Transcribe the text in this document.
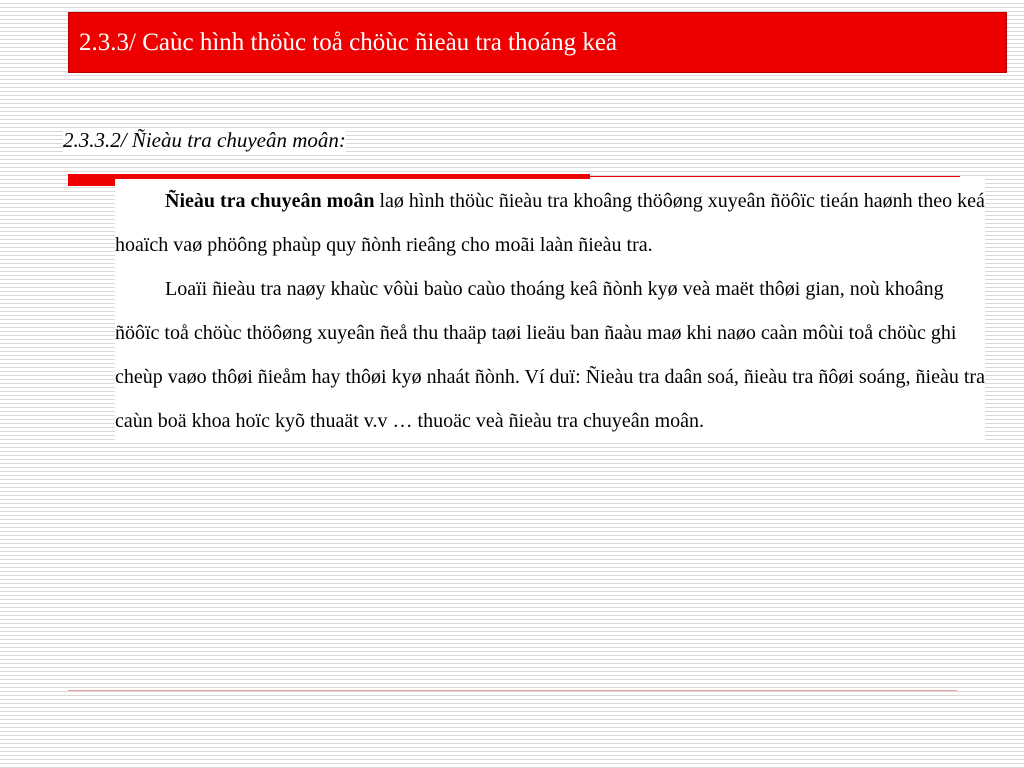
2.3.3/ Caùc hình thöùc toå chöùc ñieàu tra thoáng keâ
2.3.3.2/ Ñieàu tra chuyeân moân:

Ñieàu tra chuyeân moân laø hình thöùc ñieàu tra khoâng thöôøng xuyeân ñöôïc tieán haønh theo keá hoaïch vaø phöông phaùp quy ñònh rieâng cho moãi laàn ñieàu tra.

Loaïi ñieàu tra naøy khaùc vôùi baùo caùo thoáng keâ ñònh kyø veà maët thôøi gian, noù khoâng ñöôïc toå chöùc thöôøng xuyeân ñeå thu thaäp taøi lieäu ban ñaàu maø khi naøo caàn môùi toå chöùc ghi cheùp vaøo thôøi ñieåm hay thôøi kyø nhaát ñònh. Ví duï: Ñieàu tra daân soá, ñieàu tra ñôøi soáng, ñieàu tra caùn boä khoa hoïc kyõ thuaät v.v … thuoäc veà ñieàu tra chuyeân moân.
